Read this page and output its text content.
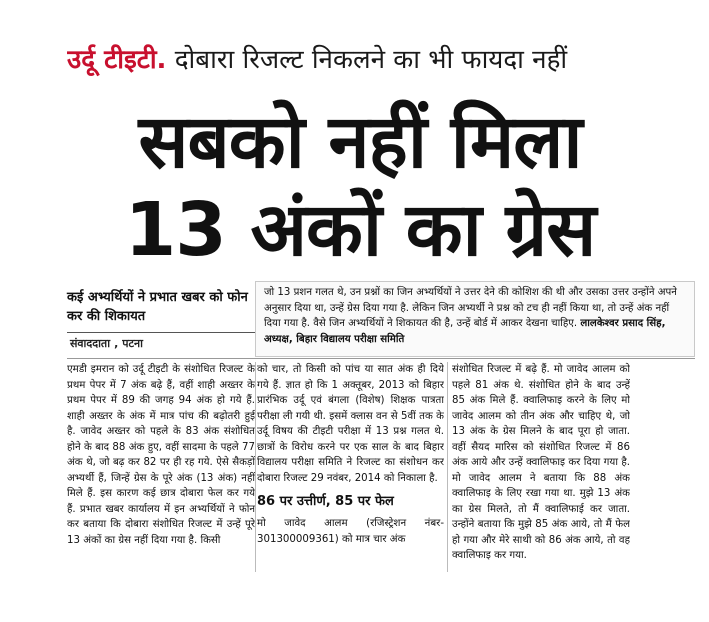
उर्दू टीइटी. दोबारा रिजल्ट निकलने का भी फायदा नहीं
सबको नहीं मिला
13 अंकों का ग्रेस
कई अभ्यर्थियों ने प्रभात खबर को फोन कर की शिकायत
संवाददाता , पटना
जो 13 प्रशन गलत थे, उन प्रश्नों का जिन अभ्यर्थियों ने उत्तर देने की कोशिश की थी और उसका उत्तर उन्होंने अपने अनुसार दिया था, उन्हें ग्रेस दिया गया है. लेकिन जिन अभ्यर्थी ने प्रश्न को टच ही नहीं किया था, तो उन्हें अंक नहीं दिया गया है. वैसे जिन अभ्यर्थियों ने शिकायत की है, उन्हें बोर्ड में आकर देखना चाहिए. लालकेश्वर प्रसाद सिंह, अध्यक्ष, बिहार विद्यालय परीक्षा समिति

एमडी इमरान को उर्दू टीइटी के संशोधित रिजल्ट के प्रथम पेपर में 7 अंक बढ़े हैं, वहीं शाही अख्तर के प्रथम पेपर में 89 की जगह 94 अंक हो गये हैं. शाही अख्तर के अंक में मात्र पांच की बढ़ोतरी हुई है. जावेद अख्तर को पहले के 83 अंक संशोधित होने के बाद 88 अंक हुए, वहीं सादमा के पहले 77 अंक थे, जो बढ़ कर 82 पर ही रह गये. ऐसे सैकड़ों अभ्यर्थी हैं, जिन्हें ग्रेस के पूरे अंक (13 अंक) नहीं मिले हैं. इस कारण कई छात्र दोबारा फेल कर गये हैं. प्रभात खबर कार्यालय में इन अभ्यर्थियों ने फोन कर बताया कि दोबारा संशोधित रिजल्ट में उन्हें पूरे 13 अंकों का ग्रेस नहीं दिया गया है. किसी

को चार, तो किसी को पांच या सात अंक ही दिये गये हैं. ज्ञात हो कि 1 अक्तूबर, 2013 को बिहार प्रारंभिक उर्दू एवं बंगला (विशेष) शिक्षक पात्रता परीक्षा ली गयी थी. इसमें क्लास वन से 5वीं तक के उर्दू विषय की टीइटी परीक्षा में 13 प्रश्न गलत थे. छात्रों के विरोध करने पर एक साल के बाद बिहार विद्यालय परीक्षा समिति ने रिजल्ट का संशोधन कर दोबारा रिजल्ट 29 नवंबर, 2014 को निकाला है.

86 पर उत्तीर्ण, 85 पर फेल

मो जावेद आलम (रजिस्ट्रेशन नंबर- 301300009361) को मात्र चार अंक

संशोधित रिजल्ट में बढ़े हैं. मो जावेद आलम को पहले 81 अंक थे. संशोधित होने के बाद उन्हें 85 अंक मिले हैं. क्वालिफाइ करने के लिए मो जावेद आलम को तीन अंक और चाहिए थे, जो 13 अंक के ग्रेस मिलने के बाद पूरा हो जाता. वहीं सैयद मारिस को संशोधित रिजल्ट में 86 अंक आये और उन्हें क्वालिफाइ कर दिया गया है. मो जावेद आलम ने बताया कि 88 अंक क्वालिफाइ के लिए रखा गया था. मुझे 13 अंक का ग्रेस मिलते, तो मैं क्वालिफाई कर जाता. उन्होंने बताया कि मुझे 85 अंक आये, तो मैं फेल हो गया और मेरे साथी को 86 अंक आये, तो वह क्वालिफाइ कर गया.
